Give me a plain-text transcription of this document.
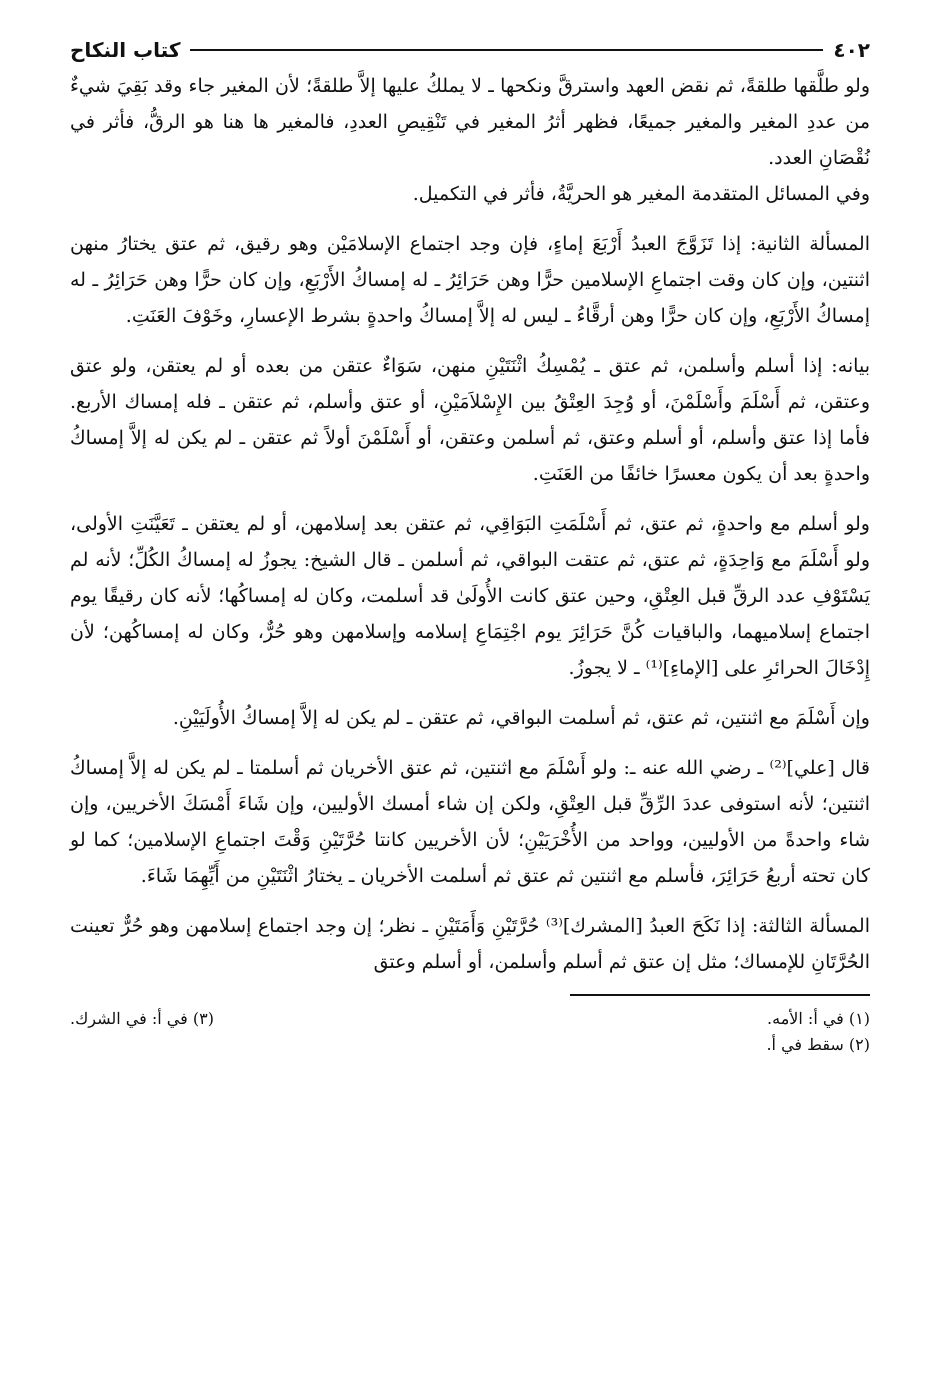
٤٠٢
كتاب النكاح

ولو طلَّقها طلقةً، ثم نقض العهد واسترقَّ ونكحها ـ لا يملكُ عليها إلاَّ طلقةً؛ لأن المغير جاء وقد بَقِيَ شيءٌ من عددِ المغير والمغير جميعًا، فظهر أثرُ المغير في تَنْقِيصِ العددِ، فالمغير ها هنا هو الرقُّ، فأثر في نُقْصَانِ العدد.

وفي المسائل المتقدمة المغير هو الحريَّةُ، فأثر في التكميل.

المسألة الثانية: إذا تَزَوَّجَ العبدُ أَرْبَعَ إماءٍ، فإن وجد اجتماع الإسلامَيْن وهو رقيق، ثم عتق يختارُ منهن اثنتين، وإن كان وقت اجتماعِ الإسلامين حرًّا وهن حَرَائِرُ ـ له إمساكُ الأَرْبَعِ، وإن كان حرًّا وهن حَرَائِرُ ـ له إمساكُ الأَرْبَعِ، وإن كان حرًّا وهن أرقَّاءُ ـ ليس له إلاَّ إمساكُ واحدةٍ بشرط الإعسارِ، وخَوْفَ العَنَتِ.

بيانه: إذا أسلم وأسلمن، ثم عتق ـ يُمْسِكُ اثْنَتَيْنِ منهن، سَوَاءٌ عتقن من بعده أو لم يعتقن، ولو عتق وعتقن، ثم أَسْلَمَ وأَسْلَمْنَ، أو وُجِدَ العِتْقُ بين الإِسْلاَمَيْنِ، أو عتق وأسلم، ثم عتقن ـ فله إمساك الأربع. فأما إذا عتق وأسلم، أو أسلم وعتق، ثم أسلمن وعتقن، أو أَسْلَمْنَ أولاً ثم عتقن ـ لم يكن له إلاَّ إمساكُ واحدةٍ بعد أن يكون معسرًا خائفًا من العَنَتِ.

ولو أسلم مع واحدةٍ، ثم عتق، ثم أَسْلَمَتِ البَوَاقِي، ثم عتقن بعد إسلامهن، أو لم يعتقن ـ تَعَيَّنَتِ الأولى، ولو أَسْلَمَ مع وَاحِدَةٍ، ثم عتق، ثم عتقت البواقي، ثم أسلمن ـ قال الشيخ: يجوزُ له إمساكُ الكُلِّ؛ لأنه لم يَسْتَوْفِ عدد الرقِّ قبل العِتْقِ، وحين عتق كانت الأُولَىٰ قد أسلمت، وكان له إمساكُها؛ لأنه كان رقيقًا يوم اجتماع إسلاميهما، والباقيات كُنَّ حَرَائِرَ يوم اجْتِمَاعِ إسلامه وإسلامهن وهو حُرٌّ، وكان له إمساكُهن؛ لأن إِدْخَالَ الحرائرِ على [الإماءِ]⁽¹⁾ ـ لا يجوزُ.

وإن أَسْلَمَ مع اثنتين، ثم عتق، ثم أسلمت البواقي، ثم عتقن ـ لم يكن له إلاَّ إمساكُ الأُولَيَيْنِ.

قال [علي]⁽²⁾ ـ رضي الله عنه ـ: ولو أَسْلَمَ مع اثنتين، ثم عتق الأخريان ثم أسلمتا ـ لم يكن له إلاَّ إمساكُ اثنتين؛ لأنه استوفى عددَ الرِّقِّ قبل العِتْقِ، ولكن إن شاء أمسك الأوليين، وإن شَاءَ أَمْسَكَ الأخريين، وإن شاء واحدةً من الأوليين، وواحد من الأُخْرَيَيْنِ؛ لأن الأخريين كانتا حُرَّتَيْنِ وَقْتَ اجتماعِ الإسلامين؛ كما لو كان تحته أربعُ حَرَائِرَ، فأسلم مع اثنتين ثم عتق ثم أسلمت الأخريان ـ يختارُ اثْنَتَيْنِ من أَيِّهِمَا شَاءَ.

المسألة الثالثة: إذا نَكَحَ العبدُ [المشرك]⁽³⁾ حُرَّتَيْنِ وَأَمَتَيْنِ ـ نظر؛ إن وجد اجتماع إسلامهن وهو حُرٌّ تعينت الحُرَّتَانِ للإمساك؛ مثل إن عتق ثم أسلم وأسلمن، أو أسلم وعتق

(١) في أ: الأمه.
(٣) في أ: في الشرك.
(٢) سقط في أ.
